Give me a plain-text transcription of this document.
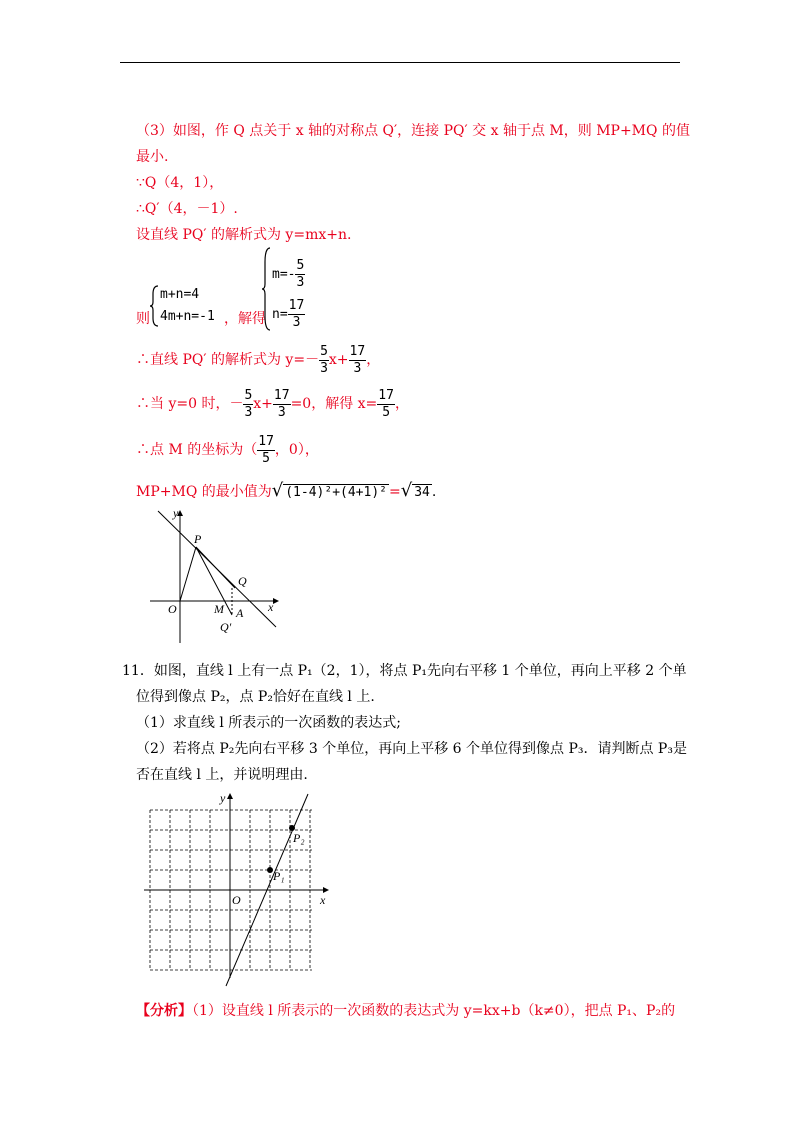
（3）如图，作 Q 点关于 x 轴的对称点 Q′，连接 PQ′ 交 x 轴于点 M，则 MP+MQ 的值
最小.
∵Q（4，1），
∴Q′（4，－1）.
设直线 PQ′ 的解析式为 y=mx+n.
则
m+n=4
4m+n=-1 ，解得
$m=- \frac{5}{3}$
$n= \frac{17}{3}$
∴直线 PQ′ 的解析式为 $y=- \frac{5}{3} x+ \frac{17}{3}$ ，
∴当 y=0 时，－ $\frac{5}{3} x+ \frac{17}{3} =0$，解得 $x= \frac{17}{5}$ ，
∴点 M 的坐标为（ $\frac{17}{5}$ ，0），
MP+MQ 的最小值为√ (1-4)²+(4+1)² =√ 34 .
y
x
O
P
Q
M A
Q′
11．如图，直线 l 上有一点 P₁（2，1），将点 P₁先向右平移 1 个单位，再向上平移 2 个单
位得到像点 P₂，点 P₂恰好在直线 l 上.
（1）求直线 l 所表示的一次函数的表达式;
（2）若将点 P₂先向右平移 3 个单位，再向上平移 6 个单位得到像点 P₃．请判断点 P₃是
否在直线 l 上，并说明理由.
y
x
O
P₁
P₂
【分析】（1）设直线 l 所表示的一次函数的表达式为 y=kx+b（k≠0），把点 P₁、P₂的
